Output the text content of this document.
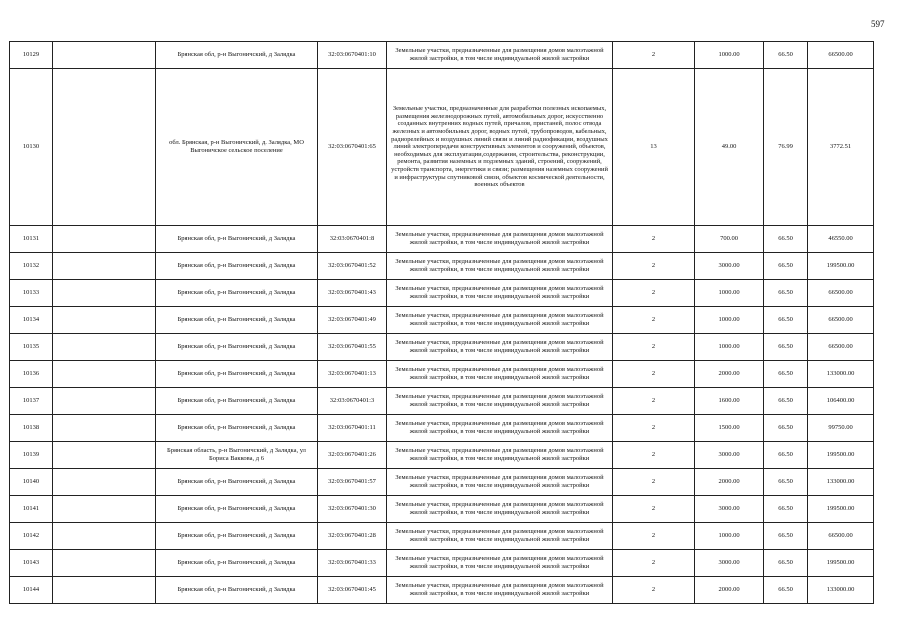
597
10129		Брянская обл, р-н Выгоничский, д Залядка	32:03:0670401:10	Земельные участки, предназначенные для размещения домов малоэтажной жилой застройки, в том числе индивидуальной жилой застройки	2	1000.00	66.50	66500.00
10130		обл. Брянская, р-н Выгоничский, д. Залядка, МО Выгоничское сельское поселение	32:03:0670401:65	Земельные участки, предназначенные для разработки полезных ископаемых, размещения железнодорожных путей, автомобильных дорог, искусственно созданных внутренних водных путей, причалов, пристаней, полос отвода железных и автомобильных дорог, водных путей, трубопроводов, кабельных, радиорелейных и воздушных линий связи и линий радиофикации, воздушных линий электропередачи конструктивных элементов и сооружений, объектов, необходимых для эксплуатации,содержания, строительства, реконструкции, ремонта, развития наземных и подземных зданий, строений, сооружений, устройств транспорта, энергетики и связи; размещения наземных сооружений и инфраструктуры спутниковой связи, объектов космической деятельности, военных объектов	13	49.00	76.99	3772.51
10131		Брянская обл, р-н Выгоничский, д Залядка	32:03:0670401:8	Земельные участки, предназначенные для размещения домов малоэтажной жилой застройки, в том числе индивидуальной жилой застройки	2	700.00	66.50	46550.00
10132		Брянская обл, р-н Выгоничский, д Залядка	32:03:0670401:52	Земельные участки, предназначенные для размещения домов малоэтажной жилой застройки, в том числе индивидуальной жилой застройки	2	3000.00	66.50	199500.00
10133		Брянская обл, р-н Выгоничский, д Залядка	32:03:0670401:43	Земельные участки, предназначенные для размещения домов малоэтажной жилой застройки, в том числе индивидуальной жилой застройки	2	1000.00	66.50	66500.00
10134		Брянская обл, р-н Выгоничский, д Залядка	32:03:0670401:49	Земельные участки, предназначенные для размещения домов малоэтажной жилой застройки, в том числе индивидуальной жилой застройки	2	1000.00	66.50	66500.00
10135		Брянская обл, р-н Выгоничский, д Залядка	32:03:0670401:55	Земельные участки, предназначенные для размещения домов малоэтажной жилой застройки, в том числе индивидуальной жилой застройки	2	1000.00	66.50	66500.00
10136		Брянская обл, р-н Выгоничский, д Залядка	32:03:0670401:13	Земельные участки, предназначенные для размещения домов малоэтажной жилой застройки, в том числе индивидуальной жилой застройки	2	2000.00	66.50	133000.00
10137		Брянская обл, р-н Выгоничский, д Залядка	32:03:0670401:3	Земельные участки, предназначенные для размещения домов малоэтажной жилой застройки, в том числе индивидуальной жилой застройки	2	1600.00	66.50	106400.00
10138		Брянская обл, р-н Выгоничский, д Залядка	32:03:0670401:11	Земельные участки, предназначенные для размещения домов малоэтажной жилой застройки, в том числе индивидуальной жилой застройки	2	1500.00	66.50	99750.00
10139		Брянская область, р-н Выгоничский, д Залядка, ул Бориса Ваккова, д 6	32:03:0670401:26	Земельные участки, предназначенные для размещения домов малоэтажной жилой застройки, в том числе индивидуальной жилой застройки	2	3000.00	66.50	199500.00
10140		Брянская обл, р-н Выгоничский, д Залядка	32:03:0670401:57	Земельные участки, предназначенные для размещения домов малоэтажной жилой застройки, в том числе индивидуальной жилой застройки	2	2000.00	66.50	133000.00
10141		Брянская обл, р-н Выгоничский, д Залядка	32:03:0670401:30	Земельные участки, предназначенные для размещения домов малоэтажной жилой застройки, в том числе индивидуальной жилой застройки	2	3000.00	66.50	199500.00
10142		Брянская обл, р-н Выгоничский, д Залядка	32:03:0670401:28	Земельные участки, предназначенные для размещения домов малоэтажной жилой застройки, в том числе индивидуальной жилой застройки	2	1000.00	66.50	66500.00
10143		Брянская обл, р-н Выгоничский, д Залядка	32:03:0670401:33	Земельные участки, предназначенные для размещения домов малоэтажной жилой застройки, в том числе индивидуальной жилой застройки	2	3000.00	66.50	199500.00
10144		Брянская обл, р-н Выгоничский, д Залядка	32:03:0670401:45	Земельные участки, предназначенные для размещения домов малоэтажной жилой застройки, в том числе индивидуальной жилой застройки	2	2000.00	66.50	133000.00
